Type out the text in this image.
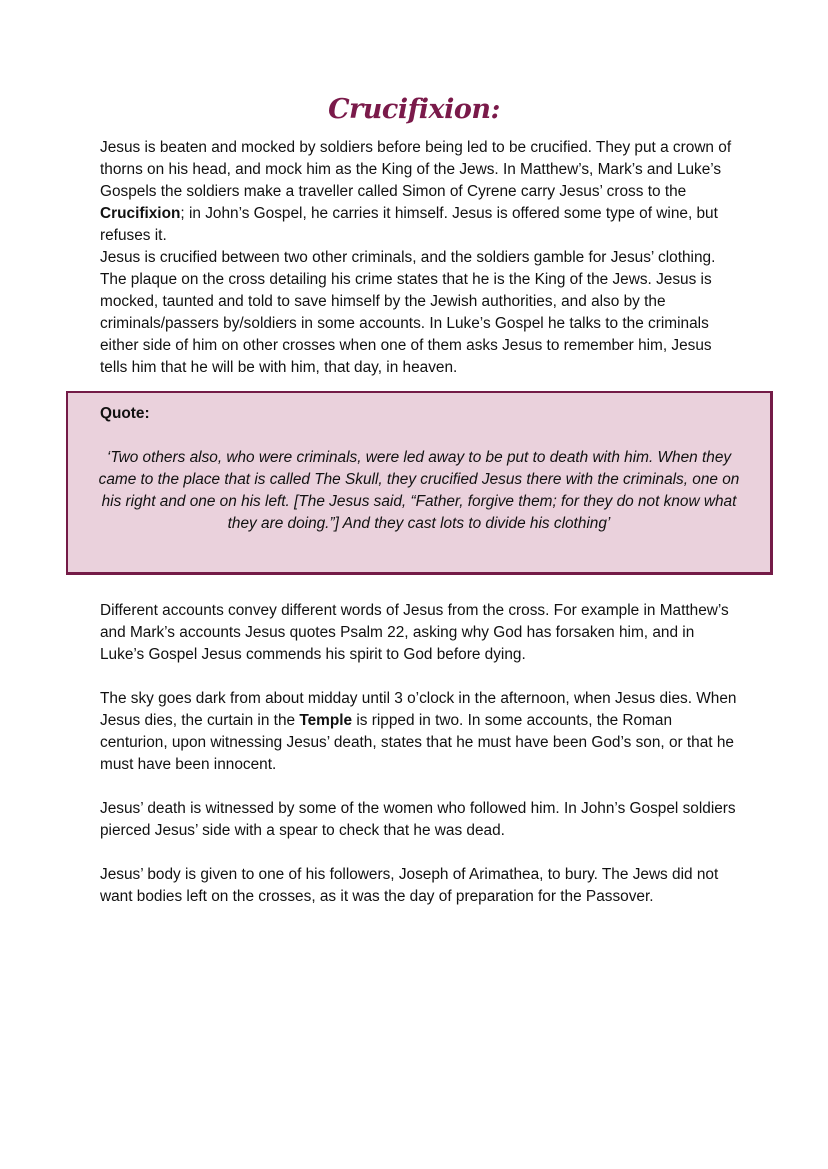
Crucifixion:

Jesus is beaten and mocked by soldiers before being led to be crucified. They put a crown of thorns on his head, and mock him as the King of the Jews. In Matthew’s, Mark’s and Luke’s Gospels the soldiers make a traveller called Simon of Cyrene carry Jesus’ cross to the Crucifixion; in John’s Gospel, he carries it himself. Jesus is offered some type of wine, but refuses it.

Jesus is crucified between two other criminals, and the soldiers gamble for Jesus’ clothing. The plaque on the cross detailing his crime states that he is the King of the Jews. Jesus is mocked, taunted and told to save himself by the Jewish authorities, and also by the criminals/passers by/soldiers in some accounts. In Luke’s Gospel he talks to the criminals either side of him on other crosses when one of them asks Jesus to remember him, Jesus tells him that he will be with him, that day, in heaven.

Quote:
‘Two others also, who were criminals, were led away to be put to death with him. When they came to the place that is called The Skull, they crucified Jesus there with the criminals, one on his right and one on his left. [The Jesus said, “Father, forgive them; for they do not know what they are doing.”] And they cast lots to divide his clothing’

Different accounts convey different words of Jesus from the cross. For example in Matthew’s and Mark’s accounts Jesus quotes Psalm 22, asking why God has forsaken him, and in Luke’s Gospel Jesus commends his spirit to God before dying.

The sky goes dark from about midday until 3 o’clock in the afternoon, when Jesus dies. When Jesus dies, the curtain in the Temple is ripped in two. In some accounts, the Roman centurion, upon witnessing Jesus’ death, states that he must have been God’s son, or that he must have been innocent.

Jesus’ death is witnessed by some of the women who followed him. In John’s Gospel soldiers pierced Jesus’ side with a spear to check that he was dead.

Jesus’ body is given to one of his followers, Joseph of Arimathea, to bury. The Jews did not want bodies left on the crosses, as it was the day of preparation for the Passover.
